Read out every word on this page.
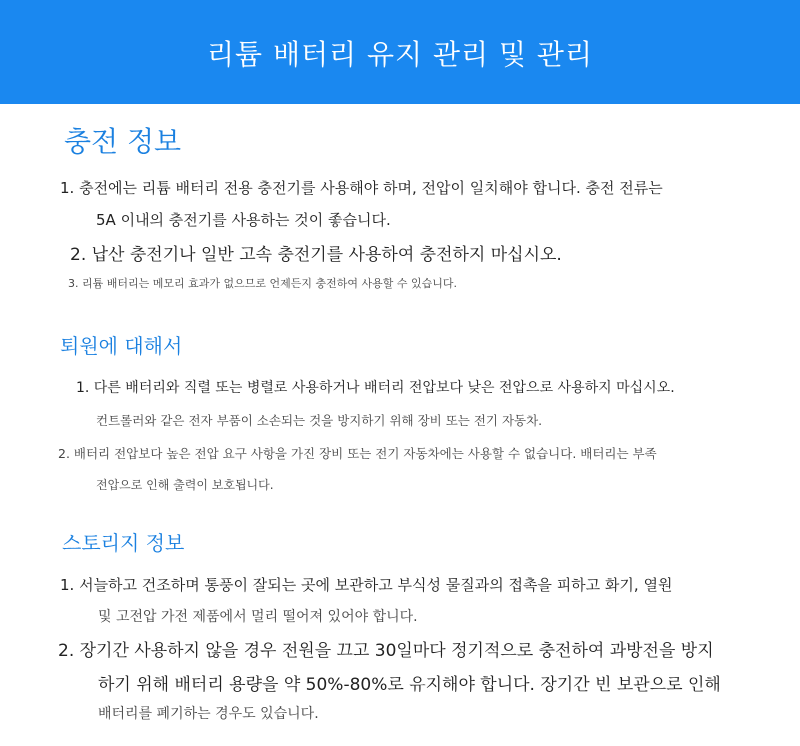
리튬 배터리 유지 관리 및 관리
충전 정보
1. 충전에는 리튬 배터리 전용 충전기를 사용해야 하며, 전압이 일치해야 합니다. 충전 전류는
5A 이내의 충전기를 사용하는 것이 좋습니다.
2. 납산 충전기나 일반 고속 충전기를 사용하여 충전하지 마십시오.
3. 리튬 배터리는 메모리 효과가 없으므로 언제든지 충전하여 사용할 수 있습니다.
퇴원에 대해서
1. 다른 배터리와 직렬 또는 병렬로 사용하거나 배터리 전압보다 낮은 전압으로 사용하지 마십시오.
컨트롤러와 같은 전자 부품이 소손되는 것을 방지하기 위해 장비 또는 전기 자동차.
2. 배터리 전압보다 높은 전압 요구 사항을 가진 장비 또는 전기 자동차에는 사용할 수 없습니다. 배터리는 부족
전압으로 인해 출력이 보호됩니다.
스토리지 정보
1. 서늘하고 건조하며 통풍이 잘되는 곳에 보관하고 부식성 물질과의 접촉을 피하고 화기, 열원
및 고전압 가전 제품에서 멀리 떨어져 있어야 합니다.
2. 장기간 사용하지 않을 경우 전원을 끄고 30일마다 정기적으로 충전하여 과방전을 방지
하기 위해 배터리 용량을 약 50%-80%로 유지해야 합니다. 장기간 빈 보관으로 인해
배터리를 폐기하는 경우도 있습니다.
